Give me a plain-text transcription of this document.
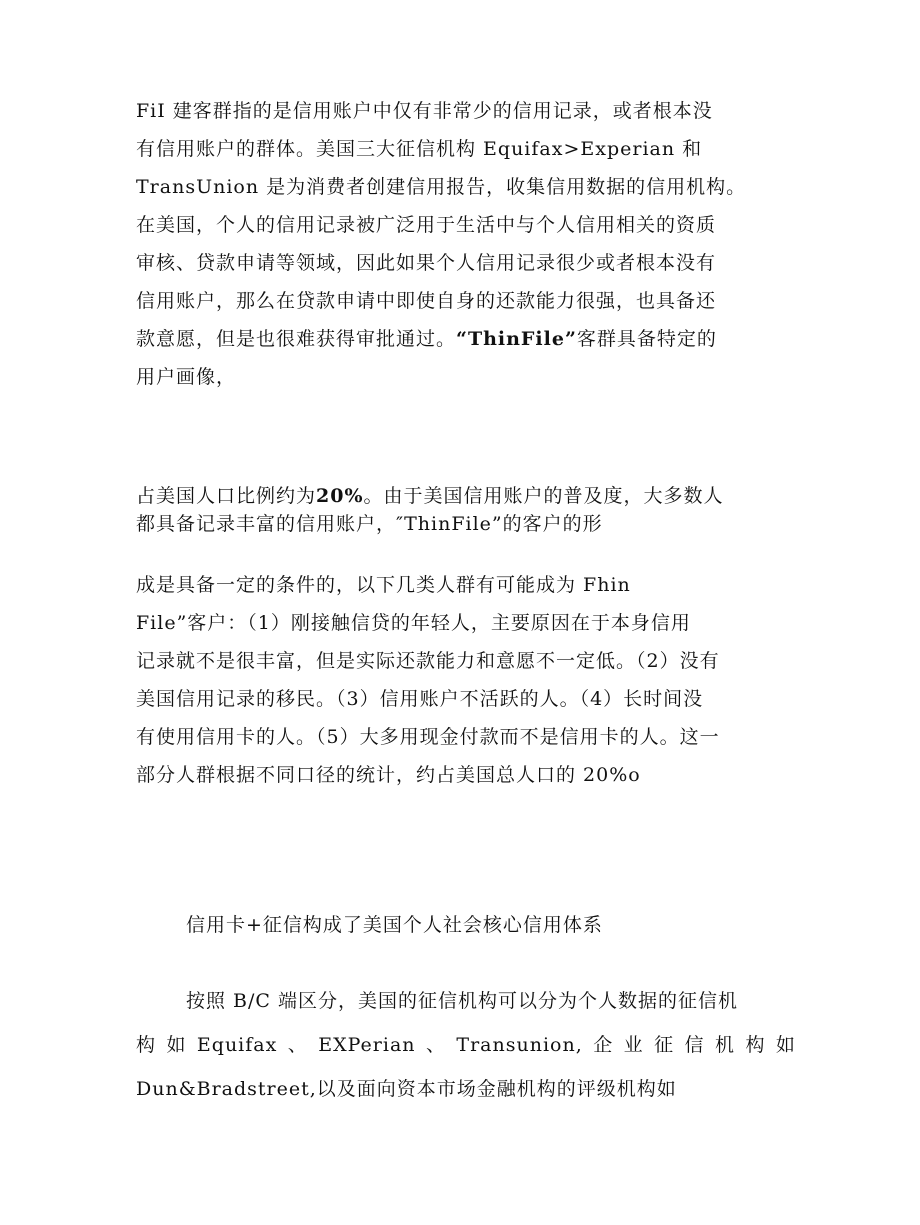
FiI 建客群指的是信用账户中仅有非常少的信用记录，或者根本没
有信用账户的群体。美国三大征信机构 Equifax>Experian 和
TransUnion 是为消费者创建信用报告，收集信用数据的信用机构。
在美国，个人的信用记录被广泛用于生活中与个人信用相关的资质
审核、贷款申请等领域，因此如果个人信用记录很少或者根本没有
信用账户，那么在贷款申请中即使自身的还款能力很强，也具备还
款意愿，但是也很难获得审批通过。“ThinFile”客群具备特定的
用户画像，

占美国人口比例约为20%。由于美国信用账户的普及度，大多数人
都具备记录丰富的信用账户，″ThinFile”的客户的形

成是具备一定的条件的，以下几类人群有可能成为 Fhin
File”客户：（1）刚接触信贷的年轻人，主要原因在于本身信用
记录就不是很丰富，但是实际还款能力和意愿不一定低。（2）没有
美国信用记录的移民。（3）信用账户不活跃的人。（4）长时间没
有使用信用卡的人。（5）大多用现金付款而不是信用卡的人。这一
部分人群根据不同口径的统计，约占美国总人口的 20%o

信用卡+征信构成了美国个人社会核心信用体系

按照 B/C 端区分，美国的征信机构可以分为个人数据的征信机
构 如 Equifax 、 EXPerian 、 Transunion, 企 业 征 信 机 构 如
Dun&Bradstreet,以及面向资本市场金融机构的评级机构如
